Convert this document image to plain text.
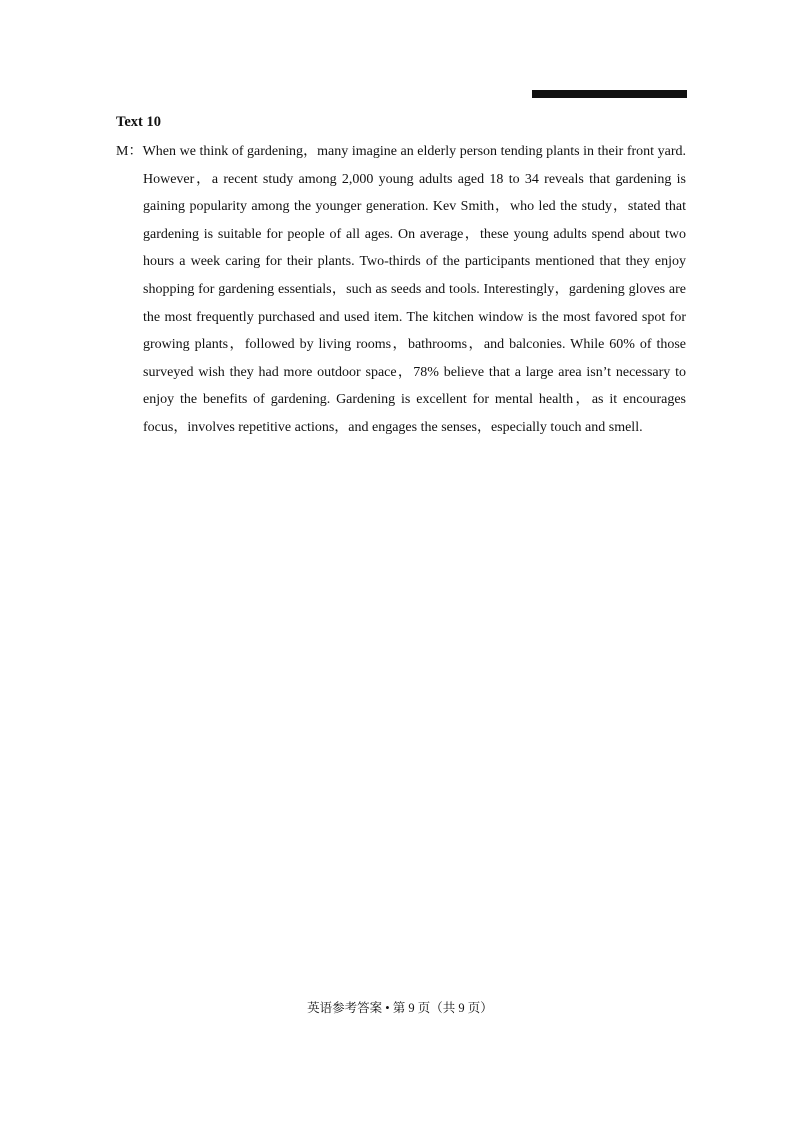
Text 10

M：When we think of gardening，many imagine an elderly person tending plants in their front yard. However，a recent study among 2,000 young adults aged 18 to 34 reveals that gardening is gaining popularity among the younger generation. Kev Smith，who led the study，stated that gardening is suitable for people of all ages. On average，these young adults spend about two hours a week caring for their plants. Two-thirds of the participants mentioned that they enjoy shopping for gardening essentials，such as seeds and tools. Interestingly，gardening gloves are the most frequently purchased and used item. The kitchen window is the most favored spot for growing plants，followed by living rooms，bathrooms，and balconies. While 60% of those surveyed wish they had more outdoor space，78% believe that a large area isn’t necessary to enjoy the benefits of gardening. Gardening is excellent for mental health，as it encourages focus，involves repetitive actions，and engages the senses，especially touch and smell.

英语参考答案 • 第 9 页（共 9 页）
